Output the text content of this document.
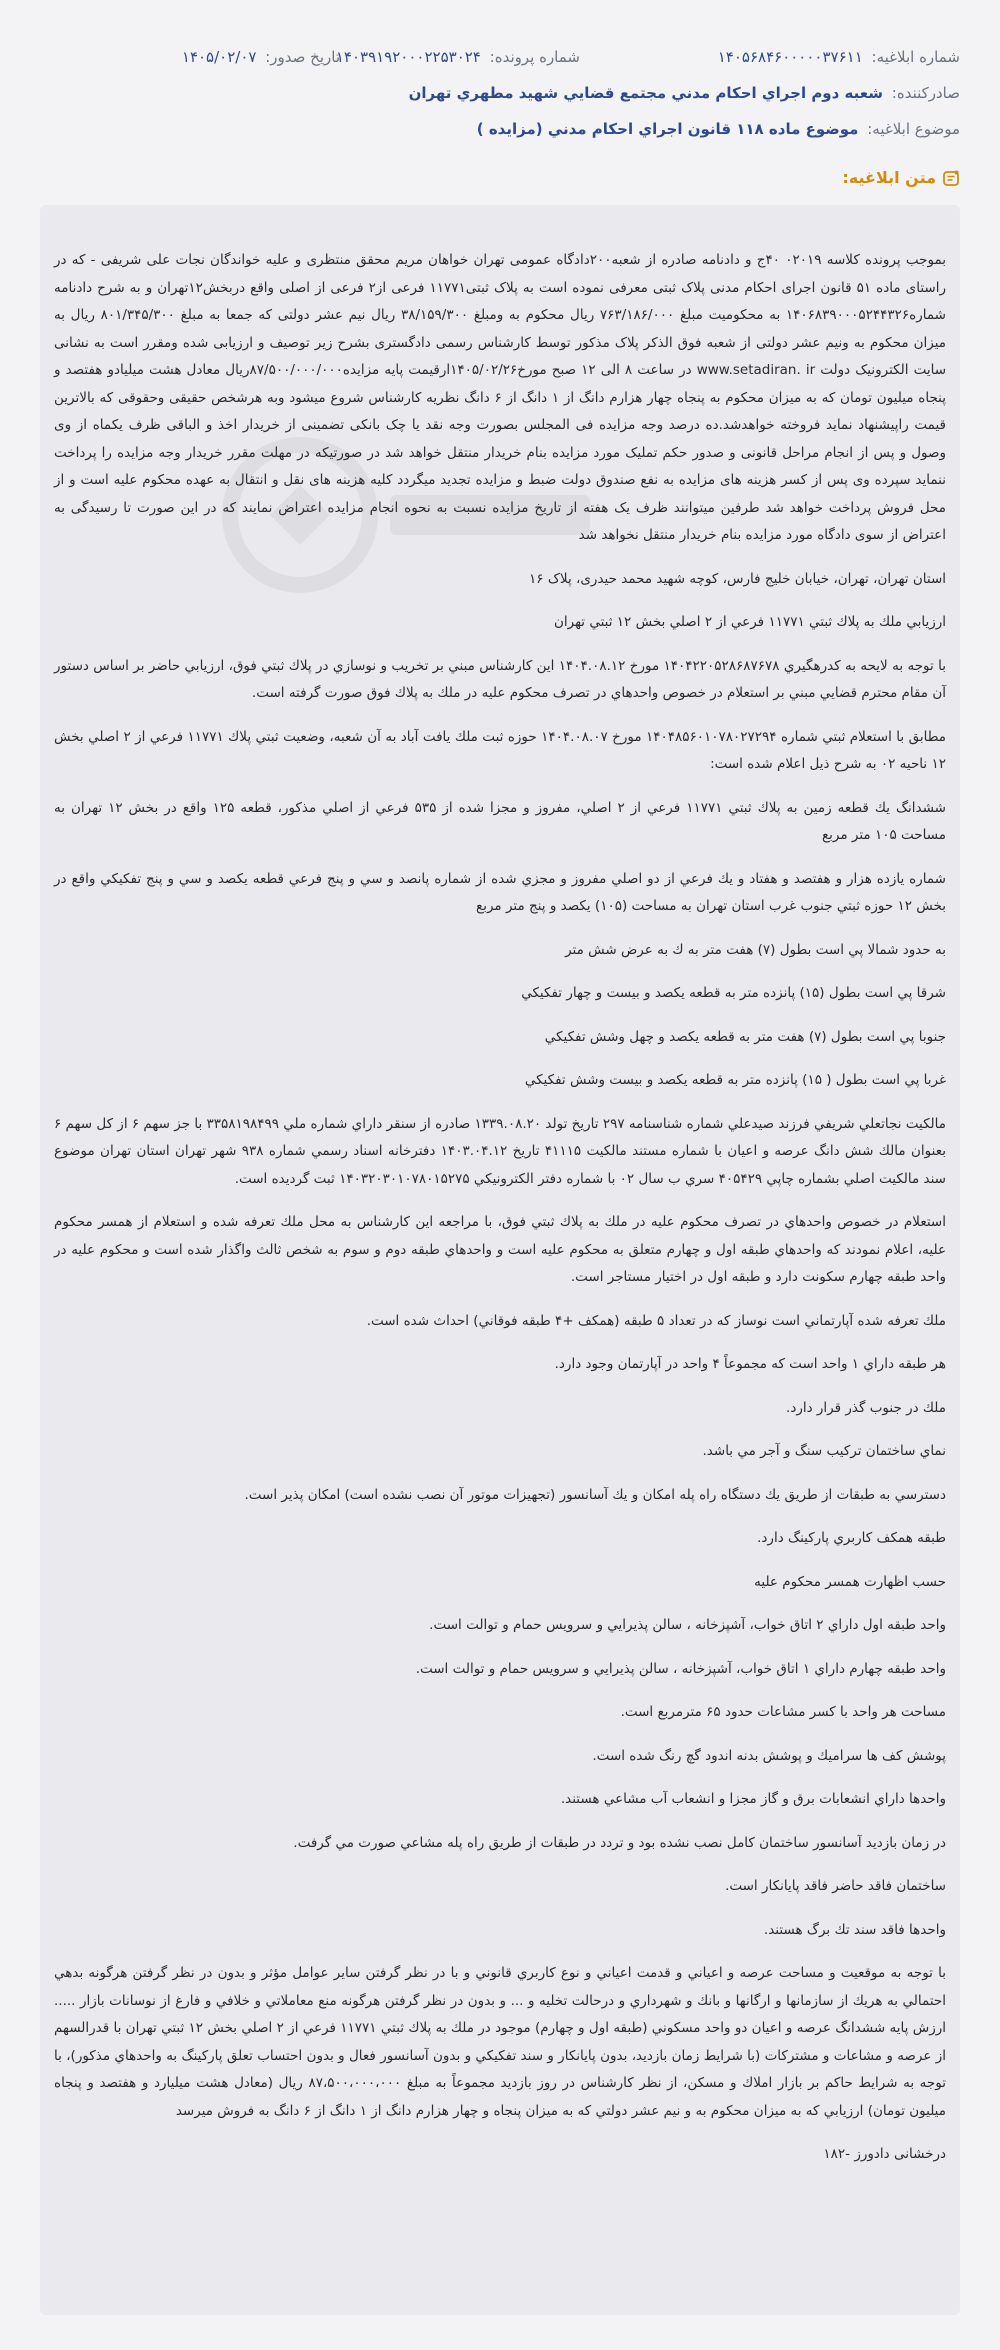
شماره ابلاغیه: ۱۴۰۵۶۸۴۶۰۰۰۰۰۳۷۶۱۱
شماره پرونده: ۱۴۰۳۹۱۹۲۰۰۰۲۲۵۳۰۲۴
تاریخ صدور: ۱۴۰۵/۰۲/۰۷
صادرکننده: شعبه دوم اجراي احكام مدني مجتمع قضايي شهيد مطهري تهران
موضوع ابلاغیه: موضوع ماده ۱۱۸ قانون اجراي احكام مدني (مزايده )
متن ابلاغیه:

بموجب پرونده کلاسه ۰۲۰۱۹ ۴۰ج و دادنامه صادره از شعبه۲۰۰دادگاه عمومی تهران خواهان مریم محقق منتظری و علیه خواندگان نجات علی شریفی - که در راستای ماده ۵۱ قانون اجرای احکام مدنی پلاک ثبتی معرفی نموده است به پلاک ثبتی۱۱۷۷۱ فرعی از۲ فرعی از اصلی واقع دربخش۱۲تهران و به شرح دادنامه شماره۱۴۰۶۸۳۹۰۰۰۵۲۴۴۳۲۶ به محکومیت مبلغ ۷۶۳/۱۸۶/۰۰۰ ریال محکوم به ومبلغ ۳۸/۱۵۹/۳۰۰ ریال نیم عشر دولتی که جمعا به مبلغ ۸۰۱/۳۴۵/۳۰۰ ریال به میزان محکوم به ونیم عشر دولتی از شعبه فوق الذکر پلاک مذکور توسط کارشناس رسمی دادگستری بشرح زیر توصیف و ارزیابی شده ومقرر است به نشانی سایت الکترونیک دولت www.setadiran. ir در ساعت ۸ الی ۱۲ صبح مورخ۱۴۰۵/۰۲/۲۶ارقیمت پایه مزایده۸۷/۵۰۰/۰۰۰/۰۰۰ریال معادل هشت میلیادو هفتصد و پنجاه میلیون تومان که به میزان محکوم به پنجاه چهار هزارم دانگ از ۱ دانگ از ۶ دانگ نظریه کارشناس شروع میشود وبه هرشخص حقیقی وحقوقی که بالاترین قیمت راپیشنهاد نماید فروخته خواهدشد.ده درصد وجه مزایده فی المجلس بصورت وجه نقد یا چک بانکی تضمینی از خریدار اخذ و الباقی ظرف یکماه از وی وصول و پس از انجام مراحل قانونی و صدور حکم تملیک مورد مزایده بنام خریدار منتقل خواهد شد در صورتیکه در مهلت مقرر خریدار وجه مزایده را پرداخت ننماید سپرده وی پس از کسر هزینه های مزایده به نفع صندوق دولت ضبط و مزایده تجدید میگردد کلیه هزینه های نقل و انتقال به عهده محکوم علیه است و از محل فروش پرداخت خواهد شد طرفین میتوانند ظرف یک هفته از تاریخ مزایده نسبت به نحوه انجام مزایده اعتراض نمایند که در این صورت تا رسیدگی به اعتراض از سوی دادگاه مورد مزایده بنام خریدار منتقل نخواهد شد

استان تهران، تهران، خیابان خلیج فارس، کوچه شهید محمد حیدری، پلاک ۱۶

ارزيابي ملك به پلاك ثبتي ۱۱۷۷۱ فرعي از ۲ اصلي بخش ۱۲ ثبتي تهران

با توجه به لايحه به كدرهگيري ۱۴۰۴۲۲۰۵۲۸۶۸۷۶۷۸ مورخ ۱۴۰۴.۰۸.۱۲ اين كارشناس مبني بر تخريب و نوسازي در پلاك ثبتي فوق، ارزيابي حاضر بر اساس دستور آن مقام محترم قضايي مبني بر استعلام در خصوص واحدهاي در تصرف محكوم عليه در ملك به پلاك فوق صورت گرفته است.

مطابق با استعلام ثبتي شماره ۱۴۰۴۸۵۶۰۱۰۷۸۰۲۷۲۹۴ مورخ ۱۴۰۴.۰۸.۰۷ حوزه ثبت ملك يافت آباد به آن شعبه، وضعيت ثبتي پلاك ۱۱۷۷۱ فرعي از ۲ اصلي بخش ۱۲ ناحيه ۰۲ به شرح ذيل اعلام شده است:

ششدانگ يك قطعه زمين به پلاك ثبتي ۱۱۷۷۱ فرعي از ۲ اصلي، مفروز و مجزا شده از ۵۳۵ فرعي از اصلي مذكور، قطعه ۱۲۵ واقع در بخش ۱۲ تهران به مساحت ۱۰۵ متر مربع

شماره يازده هزار و هفتصد و هفتاد و يك فرعي از دو اصلي مفروز و مجزي شده از شماره پانصد و سي و پنج فرعي قطعه يكصد و سي و پنج تفكيكي واقع در بخش ۱۲ حوزه ثبتي جنوب غرب استان تهران به مساحت (۱۰۵) يكصد و پنج متر مربع

به حدود شمالا پي است بطول (۷) هفت متر به ك به عرض شش متر

شرقا پي است بطول (۱۵) پانزده متر به قطعه يكصد و بيست و چهار تفكيكي

جنوبا پي است بطول (۷) هفت متر به قطعه يكصد و چهل وشش تفكيكي

غربا پي است بطول ( ۱۵) پانزده متر به قطعه يكصد و بيست وشش تفكيكي

مالكيت نجاتعلي شريفي فرزند صيدعلي شماره شناسنامه ۲۹۷ تاريخ تولد ۱۳۳۹.۰۸.۲۰ صادره از سنقر داراي شماره ملي ۳۳۵۸۱۹۸۴۹۹ با جز سهم ۶ از كل سهم ۶ بعنوان مالك شش دانگ عرصه و اعيان با شماره مستند مالكيت ۴۱۱۱۵ تاريخ ۱۴۰۳.۰۴.۱۲ دفترخانه اسناد رسمي شماره ۹۳۸ شهر تهران استان تهران موضوع سند مالكيت اصلي بشماره چاپي ۴۰۵۴۲۹ سري ب سال ۰۲ با شماره دفتر الكترونيكي ۱۴۰۳۲۰۳۰۱۰۷۸۰۱۵۲۷۵ ثبت گرديده است.

استعلام در خصوص واحدهاي در تصرف محكوم عليه در ملك به پلاك ثبتي فوق، با مراجعه اين كارشناس به محل ملك تعرفه شده و استعلام از همسر محكوم عليه، اعلام نمودند كه واحدهاي طبقه اول و چهارم متعلق به محكوم عليه است و واحدهاي طبقه دوم و سوم به شخص ثالث واگذار شده است و محكوم عليه در واحد طبقه چهارم سكونت دارد و طبقه اول در اختيار مستاجر است.

ملك تعرفه شده آپارتماني است نوساز كه در تعداد ۵ طبقه (همكف +۴ طبقه فوقاني) احداث شده است.

هر طبقه داراي ۱ واحد است كه مجموعاً ۴ واحد در آپارتمان وجود دارد.

ملك در جنوب گذر قرار دارد.

نماي ساختمان تركيب سنگ و آجر مي باشد.

دسترسي به طبقات از طريق يك دستگاه راه پله امكان و يك آسانسور (تجهيزات موتور آن نصب نشده است) امكان پذير است.

طبقه همكف كاربري پاركينگ دارد.

حسب اظهارت همسر محكوم عليه

واحد طبقه اول داراي ۲ اتاق خواب، آشپزخانه ، سالن پذيرايي و سرويس حمام و توالت است.

واحد طبقه چهارم داراي ۱ اتاق خواب، آشپزخانه ، سالن پذيرايي و سرويس حمام و توالت است.

مساحت هر واحد با كسر مشاعات حدود ۶۵ مترمربع است.

پوشش كف ها سراميك و پوشش بدنه اندود گچ رنگ شده است.

واحدها داراي انشعابات برق و گاز مجزا و انشعاب آب مشاعي هستند.

در زمان بازديد آسانسور ساختمان كامل نصب نشده بود و تردد در طبقات از طريق راه پله مشاعي صورت مي گرفت.

ساختمان فاقد حاضر فاقد پايانكار است.

واحدها فاقد سند تك برگ هستند.

با توجه به موقعيت و مساحت عرصه و اعياني و قدمت اعياني و نوع كاربري قانوني و با در نظر گرفتن ساير عوامل مؤثر و بدون در نظر گرفتن هرگونه بدهي احتمالي به هريك از سازمانها و ارگانها و بانك و شهرداري و درحالت تخليه و ... و بدون در نظر گرفتن هرگونه منع معاملاتي و خلافي و فارغ از نوسانات بازار ..... ارزش پايه ششدانگ عرصه و اعيان دو واحد مسكوني (طبقه اول و چهارم) موجود در ملك به پلاك ثبتي ۱۱۷۷۱ فرعي از ۲ اصلي بخش ۱۲ ثبتي تهران با قدرالسهم از عرصه و مشاعات و مشتركات (با شرايط زمان بازديد، بدون پايانكار و سند تفكيكي و بدون آسانسور فعال و بدون احتساب تعلق پاركينگ به واحدهاي مذكور)، با توجه به شرايط حاكم بر بازار املاك و مسكن، از نظر كارشناس در روز بازديد مجموعاً به مبلغ ۸۷،۵۰۰،۰۰۰،۰۰۰ ريال (معادل هشت ميليارد و هفتصد و پنجاه ميليون تومان) ارزيابي كه به ميزان محكوم به و نيم عشر دولتي كه به ميزان پنجاه و چهار هزارم دانگ از ۱ دانگ از ۶ دانگ به فروش ميرسد

درخشانی دادورز -۱۸۲
